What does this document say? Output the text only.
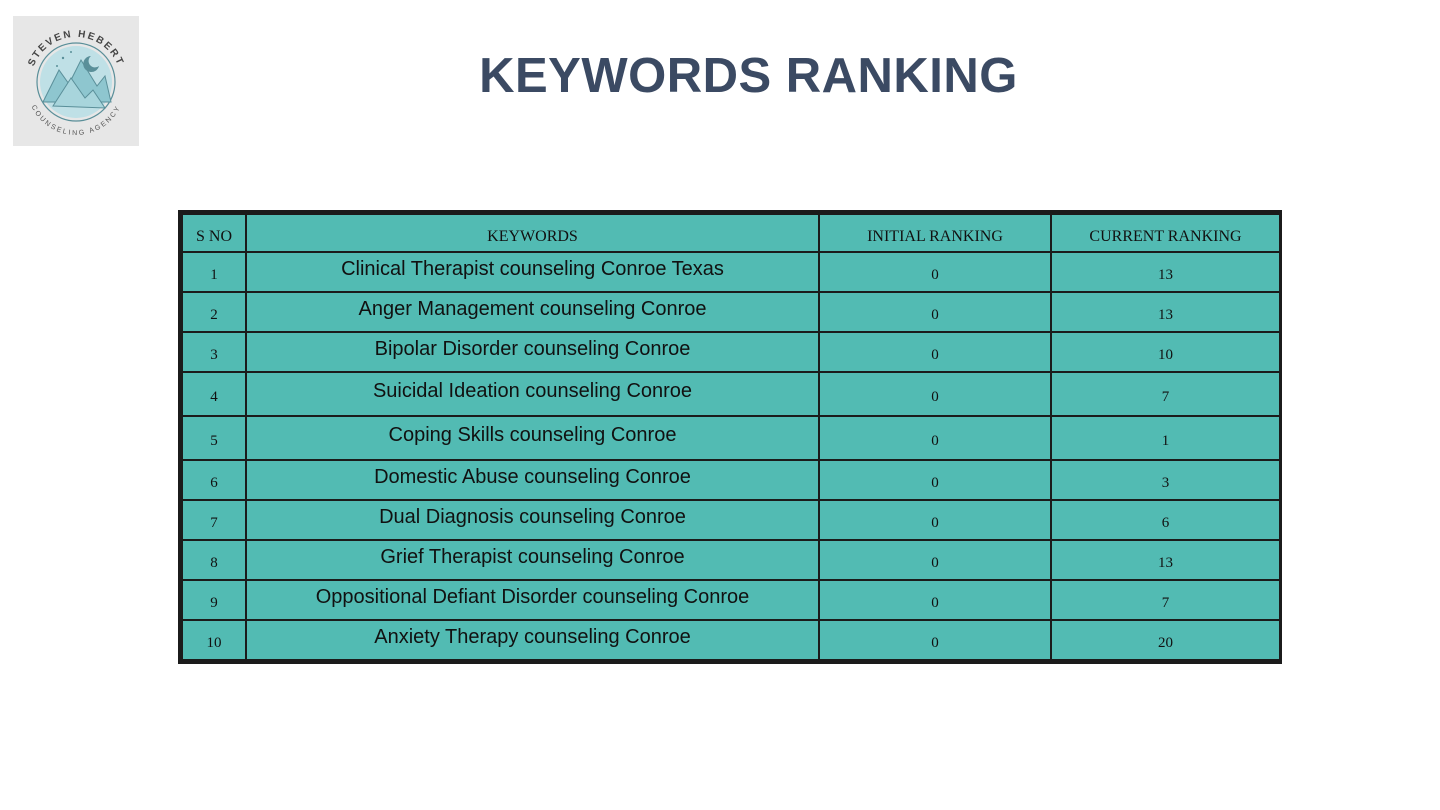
STEVEN HEBERT
COUNSELING AGENCY
KEYWORDS RANKING
S NO	KEYWORDS	INITIAL RANKING	CURRENT RANKING
1	Clinical Therapist counseling Conroe Texas	0	13
2	Anger Management counseling Conroe	0	13
3	Bipolar Disorder counseling Conroe	0	10
4	Suicidal Ideation counseling Conroe	0	7
5	Coping Skills counseling Conroe	0	1
6	Domestic Abuse counseling Conroe	0	3
7	Dual Diagnosis counseling Conroe	0	6
8	Grief Therapist counseling Conroe	0	13
9	Oppositional Defiant Disorder counseling Conroe	0	7
10	Anxiety Therapy counseling Conroe	0	20
